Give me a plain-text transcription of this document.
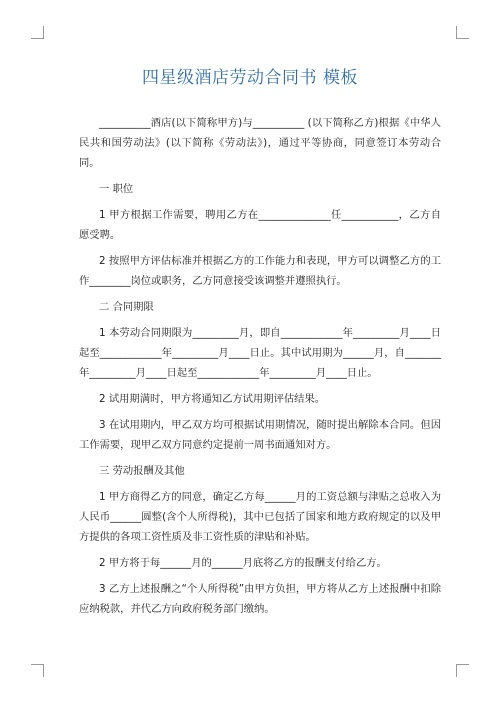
四星级酒店劳动合同书 模板

__________酒店(以下简称甲方)与__________ (以下简称乙方)根据《中华人民共和国劳动法》(以下简称《劳动法》)，通过平等协商，同意签订本劳动合同。

一 职位

1 甲方根据工作需要，聘用乙方在______________任___________，乙方自愿受聘。

2 按照甲方评估标准并根据乙方的工作能力和表现，甲方可以调整乙方的工作________岗位或职务，乙方同意接受该调整并遵照执行。

二 合同期限

1 本劳动合同期限为_________月，即自____________年_________月____日起至____________年_________月____日止。其中试用期为______月，自_______年_________月____日起至____________年_________月____日止。

2 试用期满时，甲方将通知乙方试用期评估结果。

3 在试用期内，甲乙双方均可根据试用期情况，随时提出解除本合同。但因工作需要，现甲乙双方同意约定提前一周书面通知对方。

三 劳动报酬及其他

1 甲方商得乙方的同意，确定乙方每______月的工资总额与津贴之总收入为人民币______圆整(含个人所得税)，其中已包括了国家和地方政府规定的以及甲方提供的各项工资性质及非工资性质的津贴和补贴。

2 甲方将于每______月的______月底将乙方的报酬支付给乙方。

3 乙方上述报酬之“个人所得税”由甲方负担，甲方将从乙方上述报酬中扣除应纳税款，并代乙方向政府税务部门缴纳。
